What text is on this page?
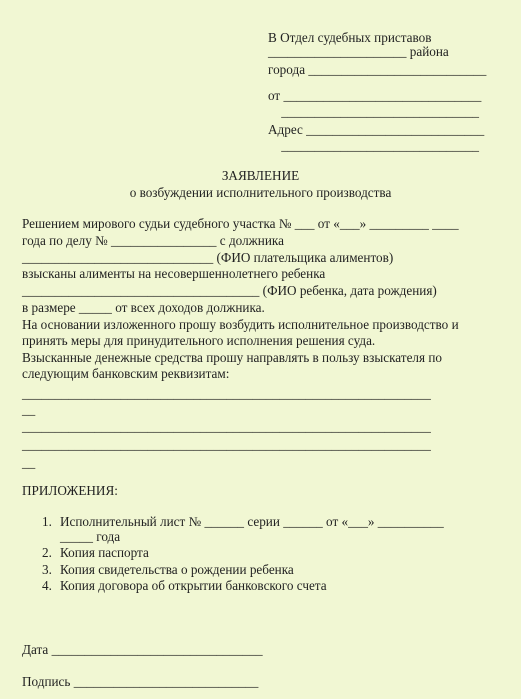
В Отдел судебных приставов
_____________________ района
города ___________________________
от ______________________________
______________________________
Адрес ___________________________
______________________________
ЗАЯВЛЕНИЕ
о возбуждении исполнительного производства
Решением мирового судьи судебного участка № ___ от «___» _________ ____
года по делу № ________________ с должника
_____________________________ (ФИО плательщика алиментов)
взысканы алименты на несовершеннолетнего ребенка
____________________________________ (ФИО ребенка, дата рождения)
в размере _____ от всех доходов должника.
На основании изложенного прошу возбудить исполнительное производство и
принять меры для принудительного исполнения решения суда.
Взысканные денежные средства прошу направлять в пользу взыскателя по
следующим банковским реквизитам:
______________________________________________________________
__
______________________________________________________________
______________________________________________________________
__
ПРИЛОЖЕНИЯ:
1. Исполнительный лист № ______ серии ______ от «___» __________
_____ года
2. Копия паспорта
3. Копия свидетельства о рождении ребенка
4. Копия договора об открытии банковского счета
Дата ________________________________
Подпись ____________________________
